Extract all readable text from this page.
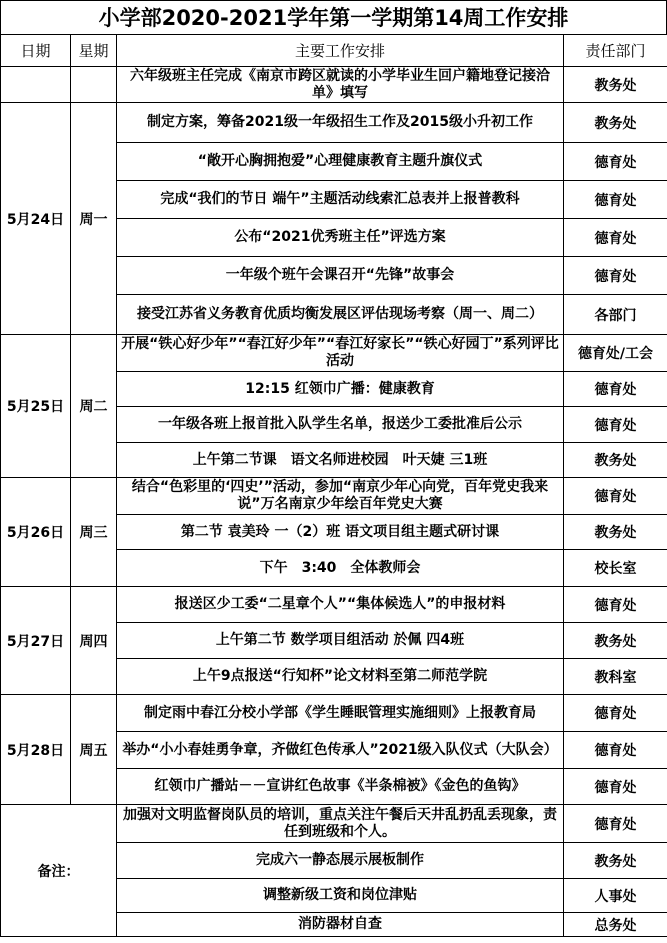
小学部2020-2021学年第一学期第14周工作安排
日期	星期	主要工作安排	责任部门
		六年级班主任完成《南京市跨区就读的小学毕业生回户籍地登记接洽单》填写	教务处
5月24日	周一	制定方案，筹备2021级一年级招生工作及2015级小升初工作	教务处
		“敞开心胸拥抱爱”心理健康教育主题升旗仪式	德育处
		完成“我们的节日 端午”主题活动线索汇总表并上报普教科	德育处
		公布“2021优秀班主任”评选方案	德育处
		一年级个班午会课召开“先锋”故事会	德育处
		接受江苏省义务教育优质均衡发展区评估现场考察（周一、周二）	各部门
5月25日	周二	开展“铁心好少年”“春江好少年”“春江好家长”“铁心好园丁”系列评比活动	德育处/工会
		12:15 红领巾广播：健康教育	德育处
		一年级各班上报首批入队学生名单，报送少工委批准后公示	德育处
		上午第二节课　语文名师进校园　叶天婕 三1班	教务处
5月26日	周三	结合“色彩里的‘四史’”活动，参加“南京少年心向党，百年党史我来说”万名南京少年绘百年党史大赛	德育处
		第二节 袁美玲 一（2）班 语文项目组主题式研讨课	教务处
		下午　3:40　全体教师会	校长室
5月27日	周四	报送区少工委“二星章个人”“集体候选人”的申报材料	德育处
		上午第二节 数学项目组活动 於佩 四4班	教务处
		上午9点报送“行知杯”论文材料至第二师范学院	教科室
5月28日	周五	制定雨中春江分校小学部《学生睡眠管理实施细则》上报教育局	德育处
		举办“小小春娃勇争章，齐做红色传承人”2021级入队仪式（大队会）	德育处
		红领巾广播站－－宣讲红色故事《半条棉被》《金色的鱼钩》	德育处
备注：		加强对文明监督岗队员的培训，重点关注午餐后天井乱扔乱丢现象，责任到班级和个人。	德育处
		完成六一静态展示展板制作	教务处
		调整新级工资和岗位津贴	人事处
		消防器材自查	总务处
